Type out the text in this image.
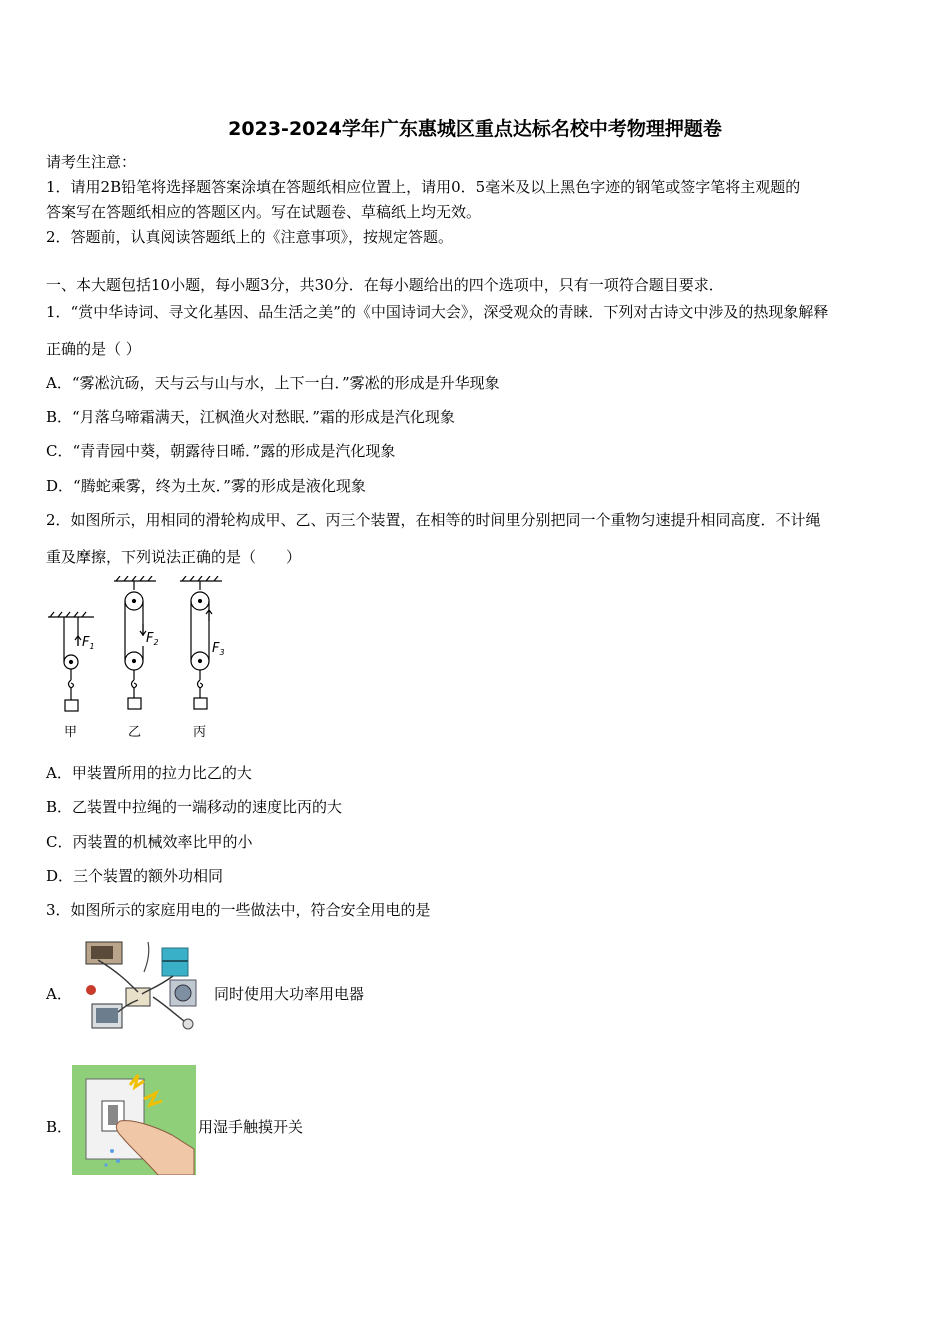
2023-2024学年广东惠城区重点达标名校中考物理押题卷
请考生注意：
1．请用2B铅笔将选择题答案涂填在答题纸相应位置上，请用0．5毫米及以上黑色字迹的钢笔或签字笔将主观题的
答案写在答题纸相应的答题区内。写在试题卷、草稿纸上均无效。
2．答题前，认真阅读答题纸上的《注意事项》，按规定答题。
一、本大题包括10小题，每小题3分，共30分．在每小题给出的四个选项中，只有一项符合题目要求．
1．“赏中华诗词、寻文化基因、品生活之美”的《中国诗词大会》，深受观众的青睐．下列对古诗文中涉及的热现象解释
正确的是（ ）
A．“雾凇沆砀，天与云与山与水，上下一白．”雾凇的形成是升华现象
B．“月落乌啼霜满天，江枫渔火对愁眠．”霜的形成是汽化现象
C．“青青园中葵，朝露待日晞．”露的形成是汽化现象
D．“腾蛇乘雾，终为土灰．”雾的形成是液化现象
2．如图所示，用相同的滑轮构成甲、乙、丙三个装置，在相等的时间里分别把同一个重物匀速提升相同高度．不计绳
重及摩擦，下列说法正确的是（　　）
$F_1$
$F_2$	$F_3$
甲	乙	丙
A．甲装置所用的拉力比乙的大
B．乙装置中拉绳的一端移动的速度比丙的大
C．丙装置的机械效率比甲的小
D．三个装置的额外功相同
3．如图所示的家庭用电的一些做法中，符合安全用电的是
A．	同时使用大功率用电器
B．	用湿手触摸开关
